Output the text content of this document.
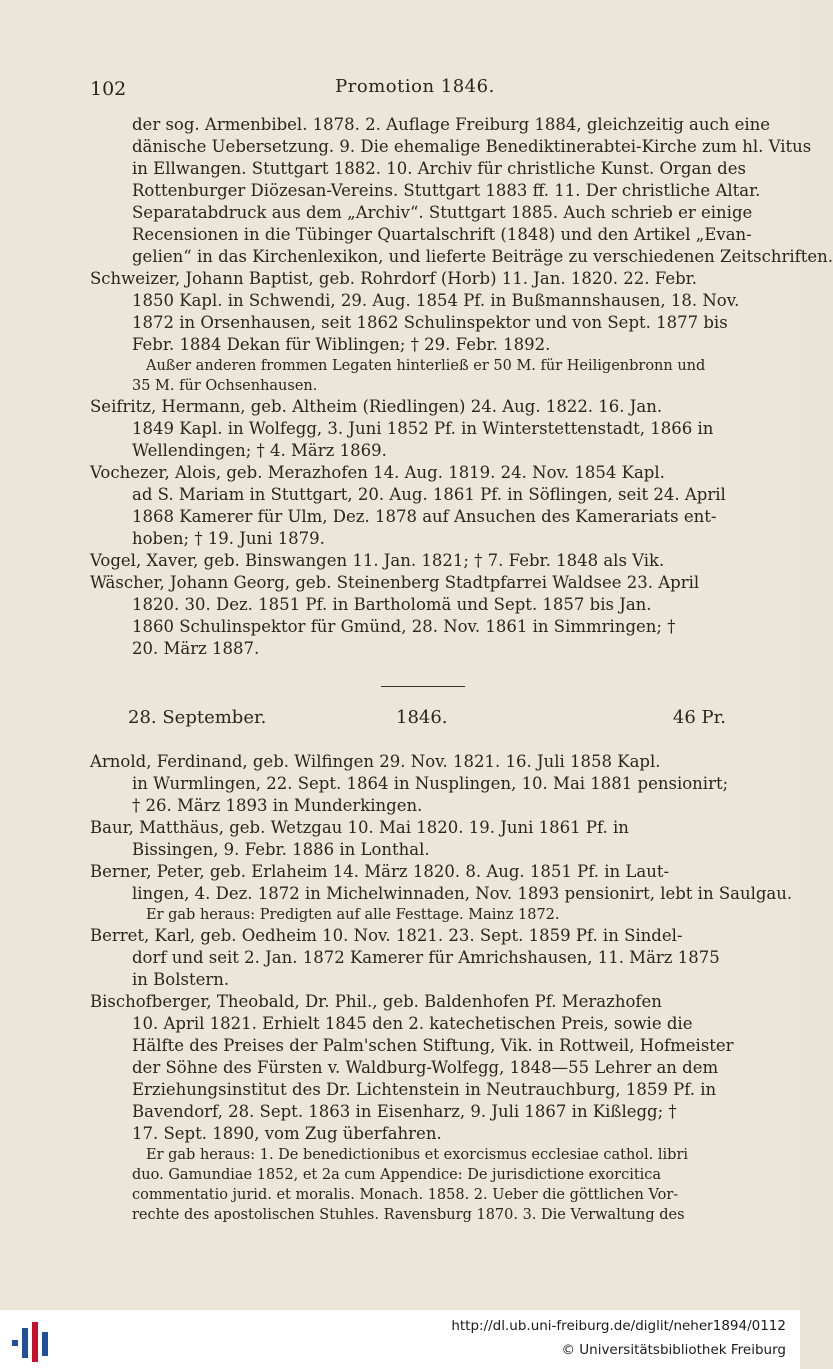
102	Promotion 1846.
der sog. Armenbibel. 1878. 2. Auflage Freiburg 1884, gleichzeitig auch eine
dänische Uebersetzung. 9. Die ehemalige Benediktinerabtei-Kirche zum hl. Vitus
in Ellwangen. Stuttgart 1882. 10. Archiv für christliche Kunst. Organ des
Rottenburger Diözesan-Vereins. Stuttgart 1883 ff. 11. Der christliche Altar.
Separatabdruck aus dem „Archiv“. Stuttgart 1885. Auch schrieb er einige
Recensionen in die Tübinger Quartalschrift (1848) und den Artikel „Evan-
gelien“ in das Kirchenlexikon, und lieferte Beiträge zu verschiedenen Zeitschriften.
Schweizer, Johann Baptist, geb. Rohrdorf (Horb) 11. Jan. 1820. 22. Febr.
1850 Kapl. in Schwendi, 29. Aug. 1854 Pf. in Bußmannshausen, 18. Nov.
1872 in Orsenhausen, seit 1862 Schulinspektor und von Sept. 1877 bis
Febr. 1884 Dekan für Wiblingen; † 29. Febr. 1892.
Außer anderen frommen Legaten hinterließ er 50 M. für Heiligenbronn und
35 M. für Ochsenhausen.
Seifritz, Hermann, geb. Altheim (Riedlingen) 24. Aug. 1822. 16. Jan.
1849 Kapl. in Wolfegg, 3. Juni 1852 Pf. in Winterstettenstadt, 1866 in
Wellendingen; † 4. März 1869.
Vochezer, Alois, geb. Merazhofen 14. Aug. 1819. 24. Nov. 1854 Kapl.
ad S. Mariam in Stuttgart, 20. Aug. 1861 Pf. in Söflingen, seit 24. April
1868 Kamerer für Ulm, Dez. 1878 auf Ansuchen des Kamerariats ent-
hoben; † 19. Juni 1879.
Vogel, Xaver, geb. Binswangen 11. Jan. 1821; † 7. Febr. 1848 als Vik.
Wäscher, Johann Georg, geb. Steinenberg Stadtpfarrei Waldsee 23. April
1820. 30. Dez. 1851 Pf. in Bartholomä und Sept. 1857 bis Jan.
1860 Schulinspektor für Gmünd, 28. Nov. 1861 in Simmringen; †
20. März 1887.
28. September.	1846.	46 Pr.
Arnold, Ferdinand, geb. Wilfingen 29. Nov. 1821. 16. Juli 1858 Kapl.
in Wurmlingen, 22. Sept. 1864 in Nusplingen, 10. Mai 1881 pensionirt;
† 26. März 1893 in Munderkingen.
Baur, Matthäus, geb. Wetzgau 10. Mai 1820. 19. Juni 1861 Pf. in
Bissingen, 9. Febr. 1886 in Lonthal.
Berner, Peter, geb. Erlaheim 14. März 1820. 8. Aug. 1851 Pf. in Laut-
lingen, 4. Dez. 1872 in Michelwinnaden, Nov. 1893 pensionirt, lebt in Saulgau.
Er gab heraus: Predigten auf alle Festtage. Mainz 1872.
Berret, Karl, geb. Oedheim 10. Nov. 1821. 23. Sept. 1859 Pf. in Sindel-
dorf und seit 2. Jan. 1872 Kamerer für Amrichshausen, 11. März 1875
in Bolstern.
Bischofberger, Theobald, Dr. Phil., geb. Baldenhofen Pf. Merazhofen
10. April 1821. Erhielt 1845 den 2. katechetischen Preis, sowie die
Hälfte des Preises der Palm'schen Stiftung, Vik. in Rottweil, Hofmeister
der Söhne des Fürsten v. Waldburg-Wolfegg, 1848—55 Lehrer an dem
Erziehungsinstitut des Dr. Lichtenstein in Neutrauchburg, 1859 Pf. in
Bavendorf, 28. Sept. 1863 in Eisenharz, 9. Juli 1867 in Kißlegg; †
17. Sept. 1890, vom Zug überfahren.
Er gab heraus: 1. De benedictionibus et exorcismus ecclesiae cathol. libri
duo. Gamundiae 1852, et 2a cum Appendice: De jurisdictione exorcitica
commentatio jurid. et moralis. Monach. 1858. 2. Ueber die göttlichen Vor-
rechte des apostolischen Stuhles. Ravensburg 1870. 3. Die Verwaltung des
http://dl.ub.uni-freiburg.de/diglit/neher1894/0112
© Universitätsbibliothek Freiburg
